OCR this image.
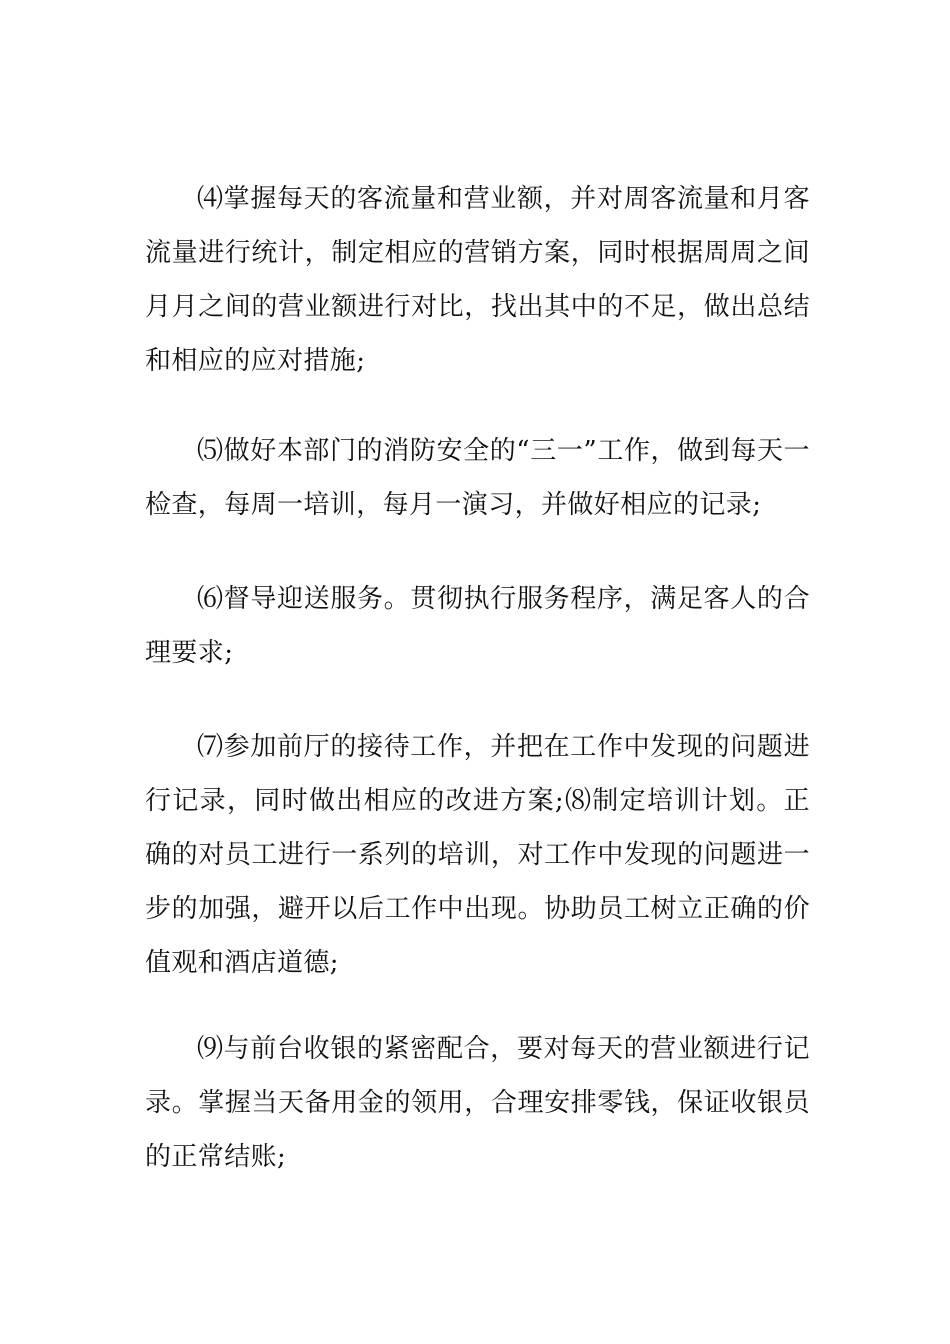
⑷掌握每天的客流量和营业额，并对周客流量和月客流量进行统计，制定相应的营销方案，同时根据周周之间月月之间的营业额进行对比，找出其中的不足，做出总结和相应的应对措施;

⑸做好本部门的消防安全的“三一”工作，做到每天一检查，每周一培训，每月一演习，并做好相应的记录;

⑹督导迎送服务。贯彻执行服务程序，满足客人的合理要求;

⑺参加前厅的接待工作，并把在工作中发现的问题进行记录，同时做出相应的改进方案;⑻制定培训计划。正确的对员工进行一系列的培训，对工作中发现的问题进一步的加强，避开以后工作中出现。协助员工树立正确的价值观和酒店道德;

⑼与前台收银的紧密配合，要对每天的营业额进行记录。掌握当天备用金的领用，合理安排零钱，保证收银员的正常结账;
